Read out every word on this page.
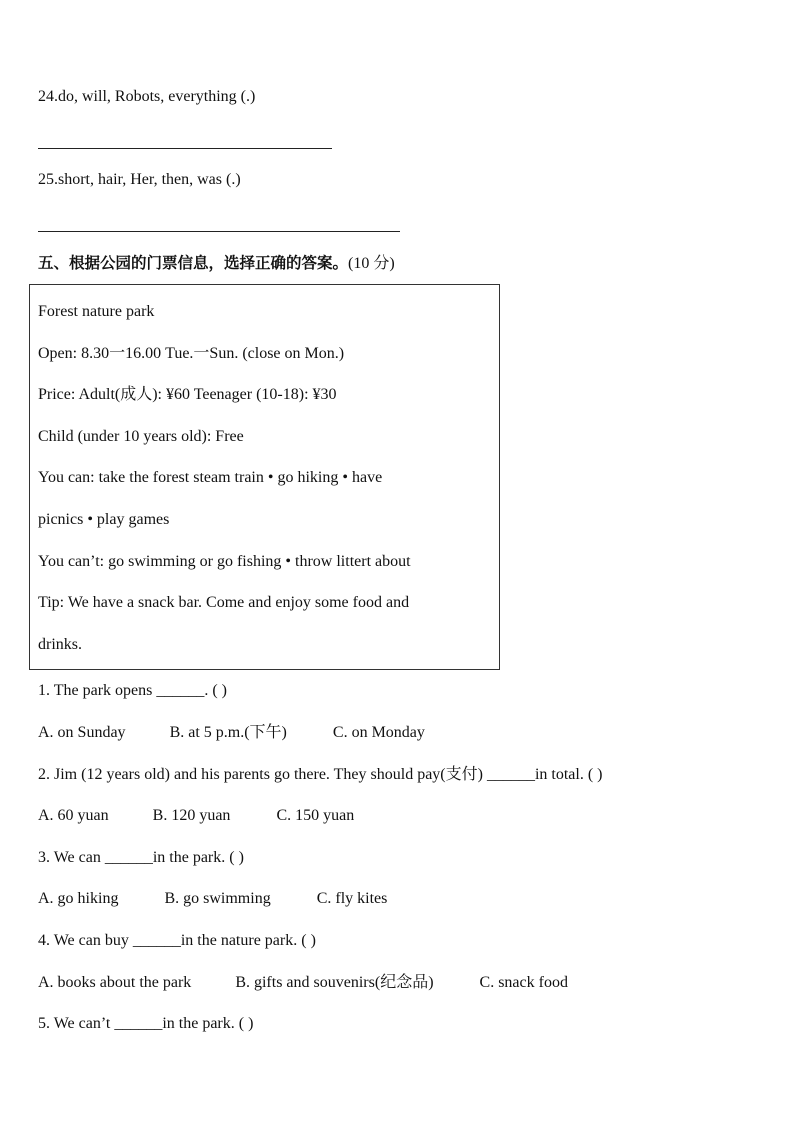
24.do, will, Robots, everything (.)
25.short, hair, Her, then, was (.)
五、根据公园的门票信息，选择正确的答案。(10 分)
Forest nature park
Open: 8.30一16.00 Tue.一Sun. (close on Mon.)
Price: Adult(成人): ¥60 Teenager (10-18): ¥30
Child (under 10 years old): Free
You can: take the forest steam train • go hiking • have
picnics • play games
You can’t: go swimming or go fishing • throw littert about
Tip: We have a snack bar. Come and enjoy some food and
drinks.
1. The park opens ______. ( )
A. on Sunday	B. at 5 p.m.(下午)	C. on Monday
2. Jim (12 years old) and his parents go there. They should pay(支付) ______in total. ( )
A. 60 yuan	B. 120 yuan	C. 150 yuan
3. We can ______in the park. ( )
A. go hiking	B. go swimming	C. fly kites
4. We can buy ______in the nature park. ( )
A. books about the park	B. gifts and souvenirs(纪念品)	C. snack food
5. We can’t ______in the park. ( )
